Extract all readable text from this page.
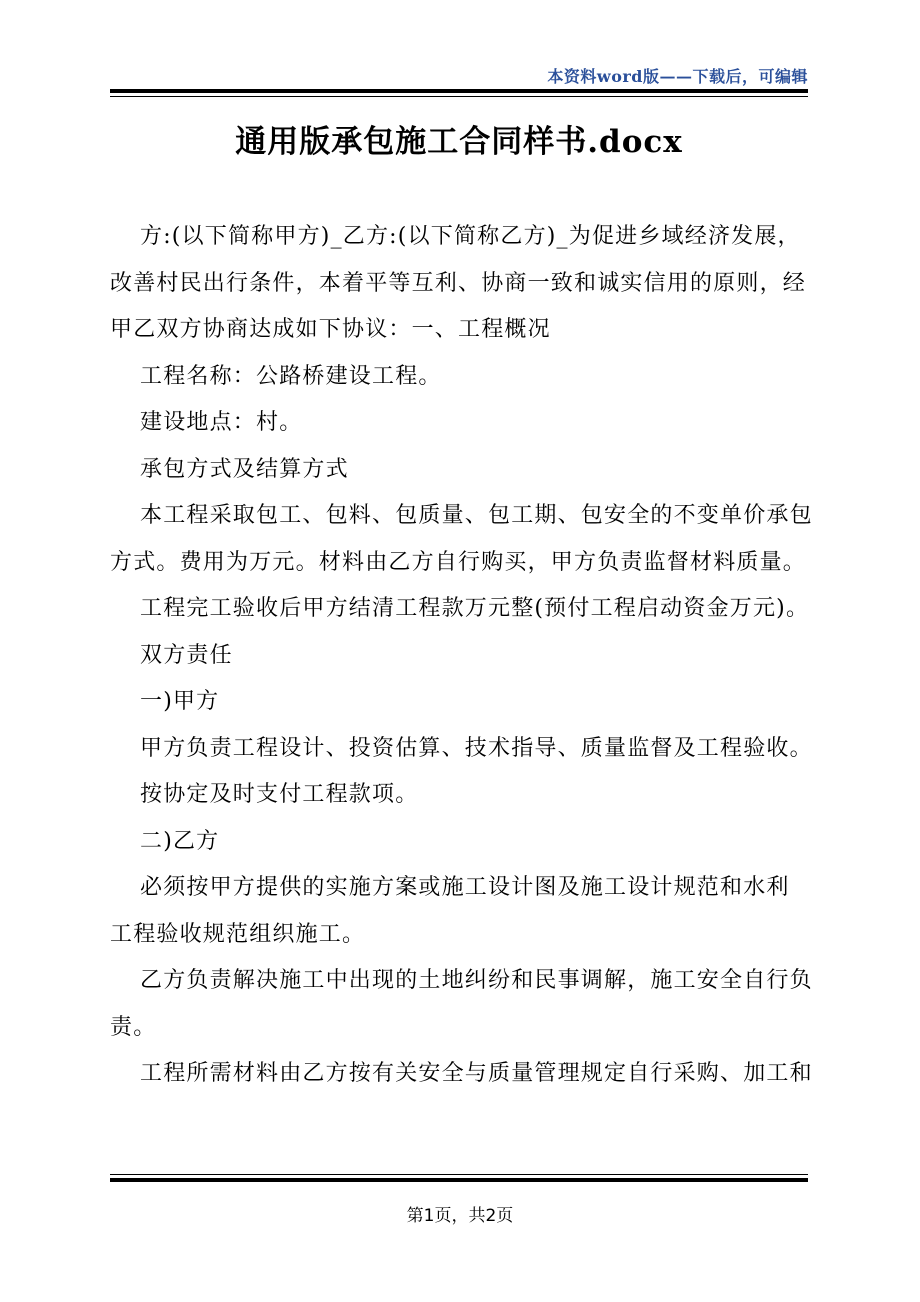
本资料word版——下载后，可编辑
通用版承包施工合同样书.docx
方:(以下简称甲方)_乙方:(以下简称乙方)_为促进乡域经济发展，
改善村民出行条件，本着平等互利、协商一致和诚实信用的原则，经
甲乙双方协商达成如下协议：一、工程概况
工程名称：公路桥建设工程。
建设地点：村。
承包方式及结算方式
本工程采取包工、包料、包质量、包工期、包安全的不变单价承包
方式。费用为万元。材料由乙方自行购买，甲方负责监督材料质量。
工程完工验收后甲方结清工程款万元整(预付工程启动资金万元)。
双方责任
一)甲方
甲方负责工程设计、投资估算、技术指导、质量监督及工程验收。
按协定及时支付工程款项。
二)乙方
必须按甲方提供的实施方案或施工设计图及施工设计规范和水利
工程验收规范组织施工。
乙方负责解决施工中出现的土地纠纷和民事调解，施工安全自行负
责。
工程所需材料由乙方按有关安全与质量管理规定自行采购、加工和
第1页，共2页
